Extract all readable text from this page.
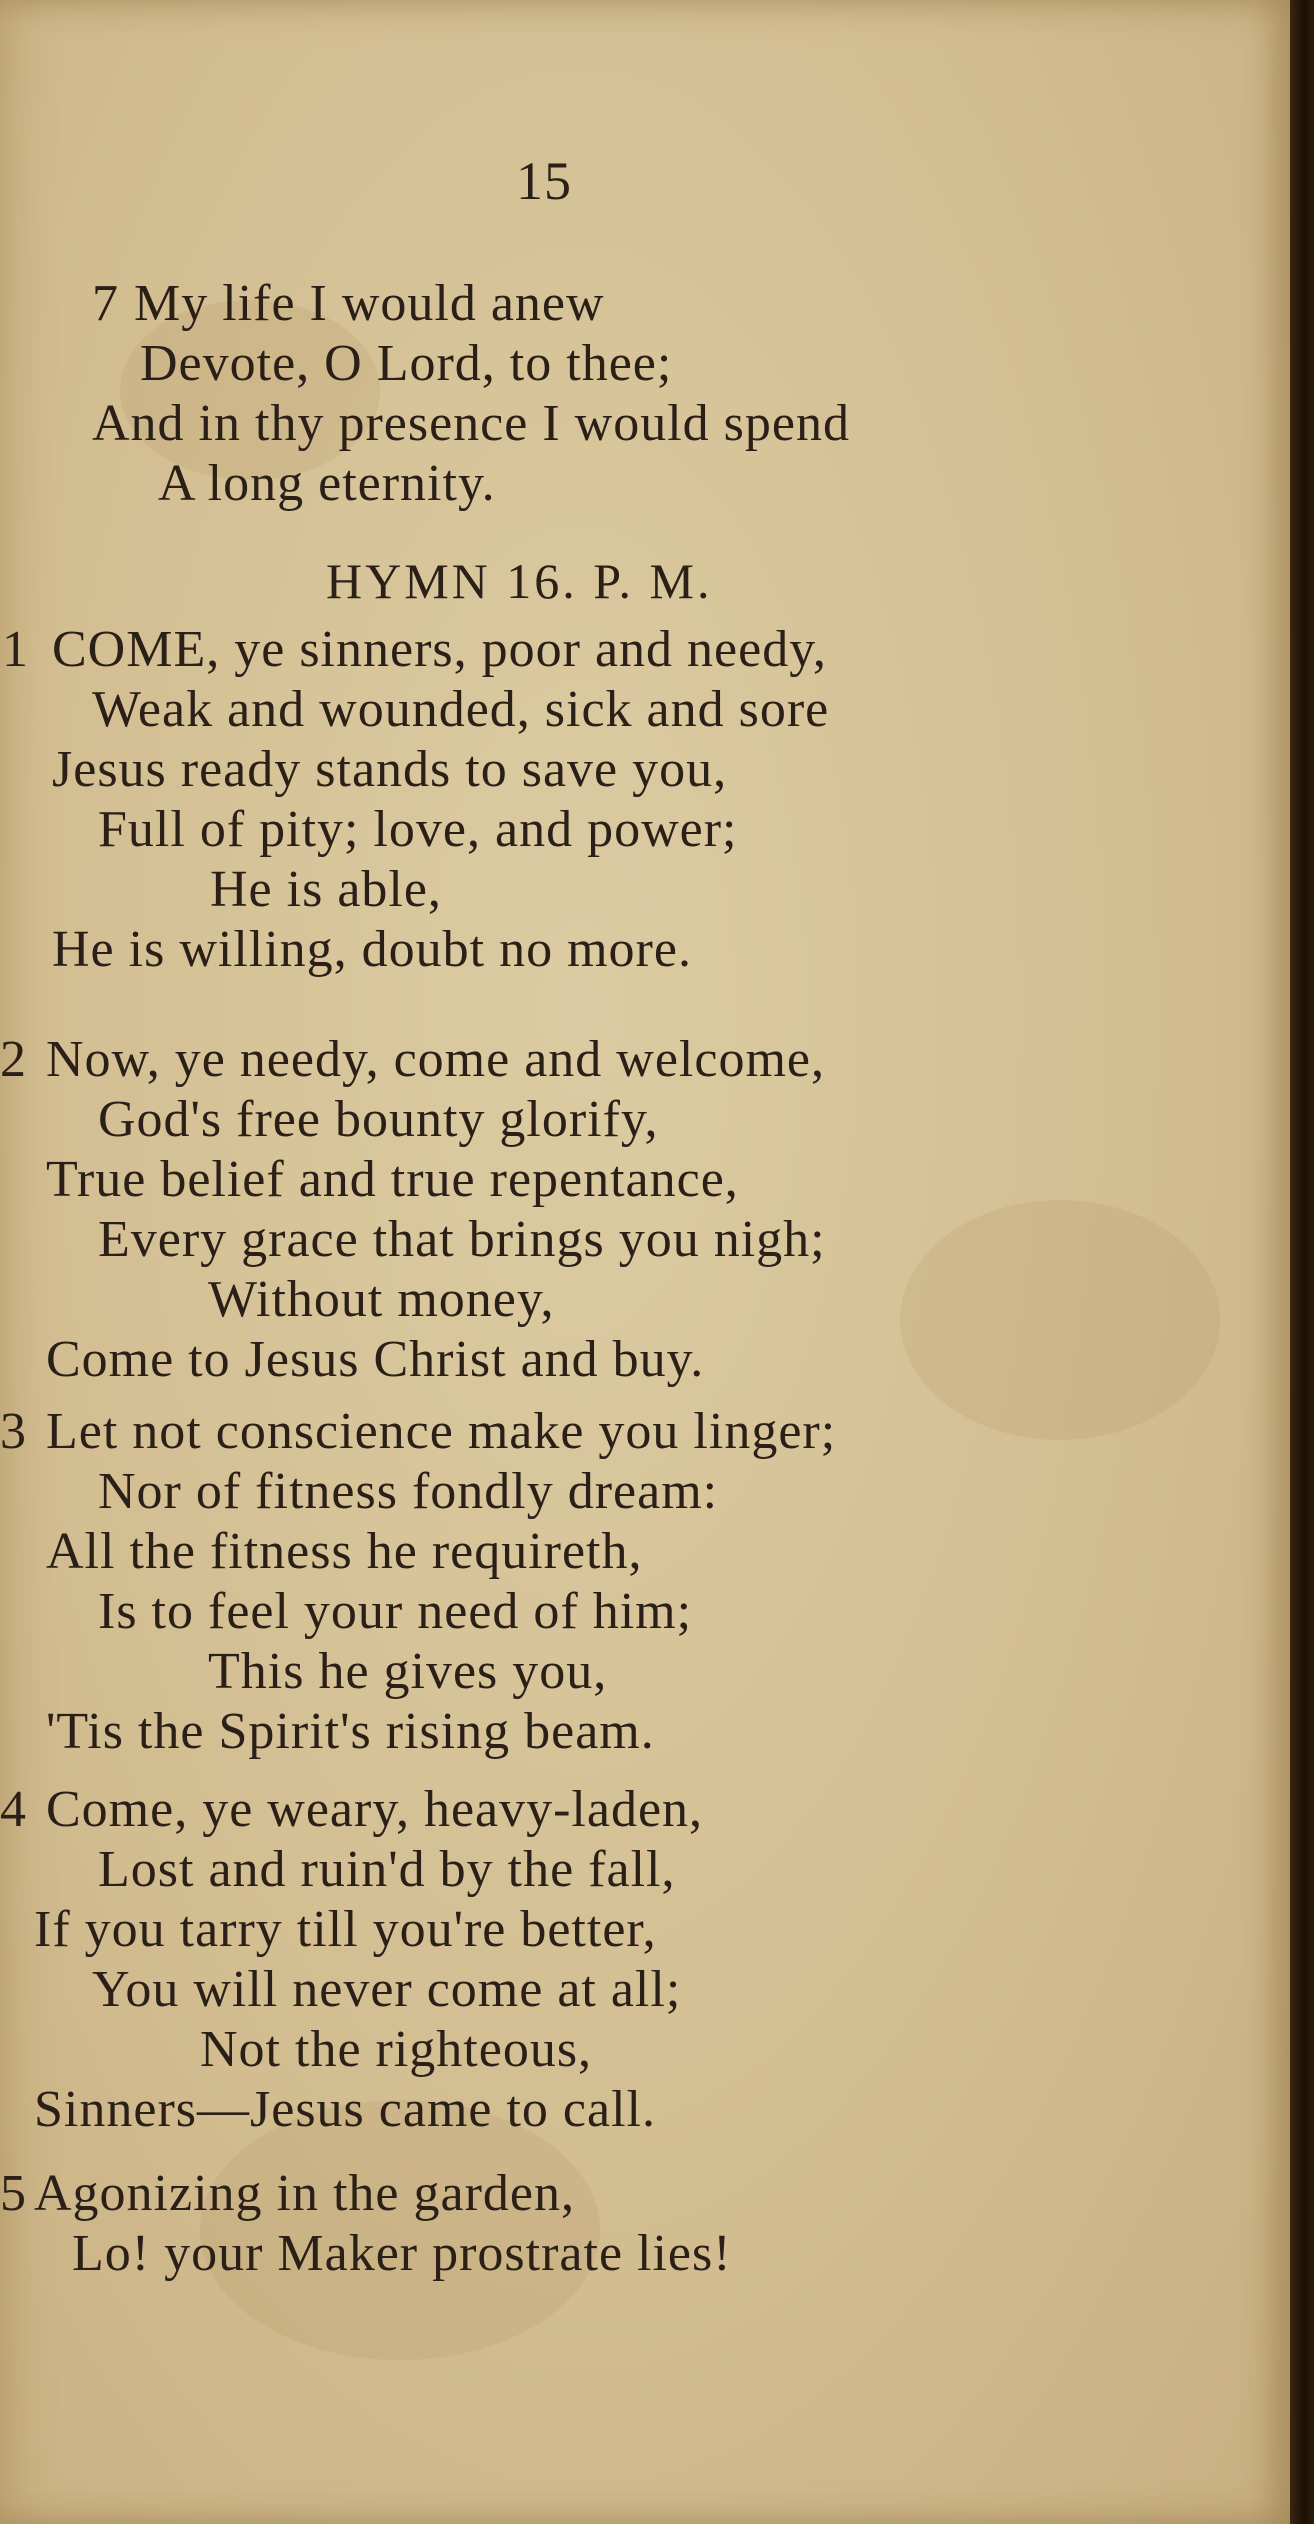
15
7 My life I would anew
Devote, O Lord, to thee;
And in thy presence I would spend
A long eternity.
HYMN 16. P. M.
1 COME, ye sinners, poor and needy,
Weak and wounded, sick and sore
Jesus ready stands to save you,
Full of pity; love, and power;
He is able,
He is willing, doubt no more.
2 Now, ye needy, come and welcome,
God's free bounty glorify,
True belief and true repentance,
Every grace that brings you nigh;
Without money,
Come to Jesus Christ and buy.
3 Let not conscience make you linger;
Nor of fitness fondly dream:
All the fitness he requireth,
Is to feel your need of him;
This he gives you,
'Tis the Spirit's rising beam.
4 Come, ye weary, heavy-laden,
Lost and ruin'd by the fall,
If you tarry till you're better,
You will never come at all;
Not the righteous,
Sinners—Jesus came to call.
5 Agonizing in the garden,
Lo! your Maker prostrate lies!
